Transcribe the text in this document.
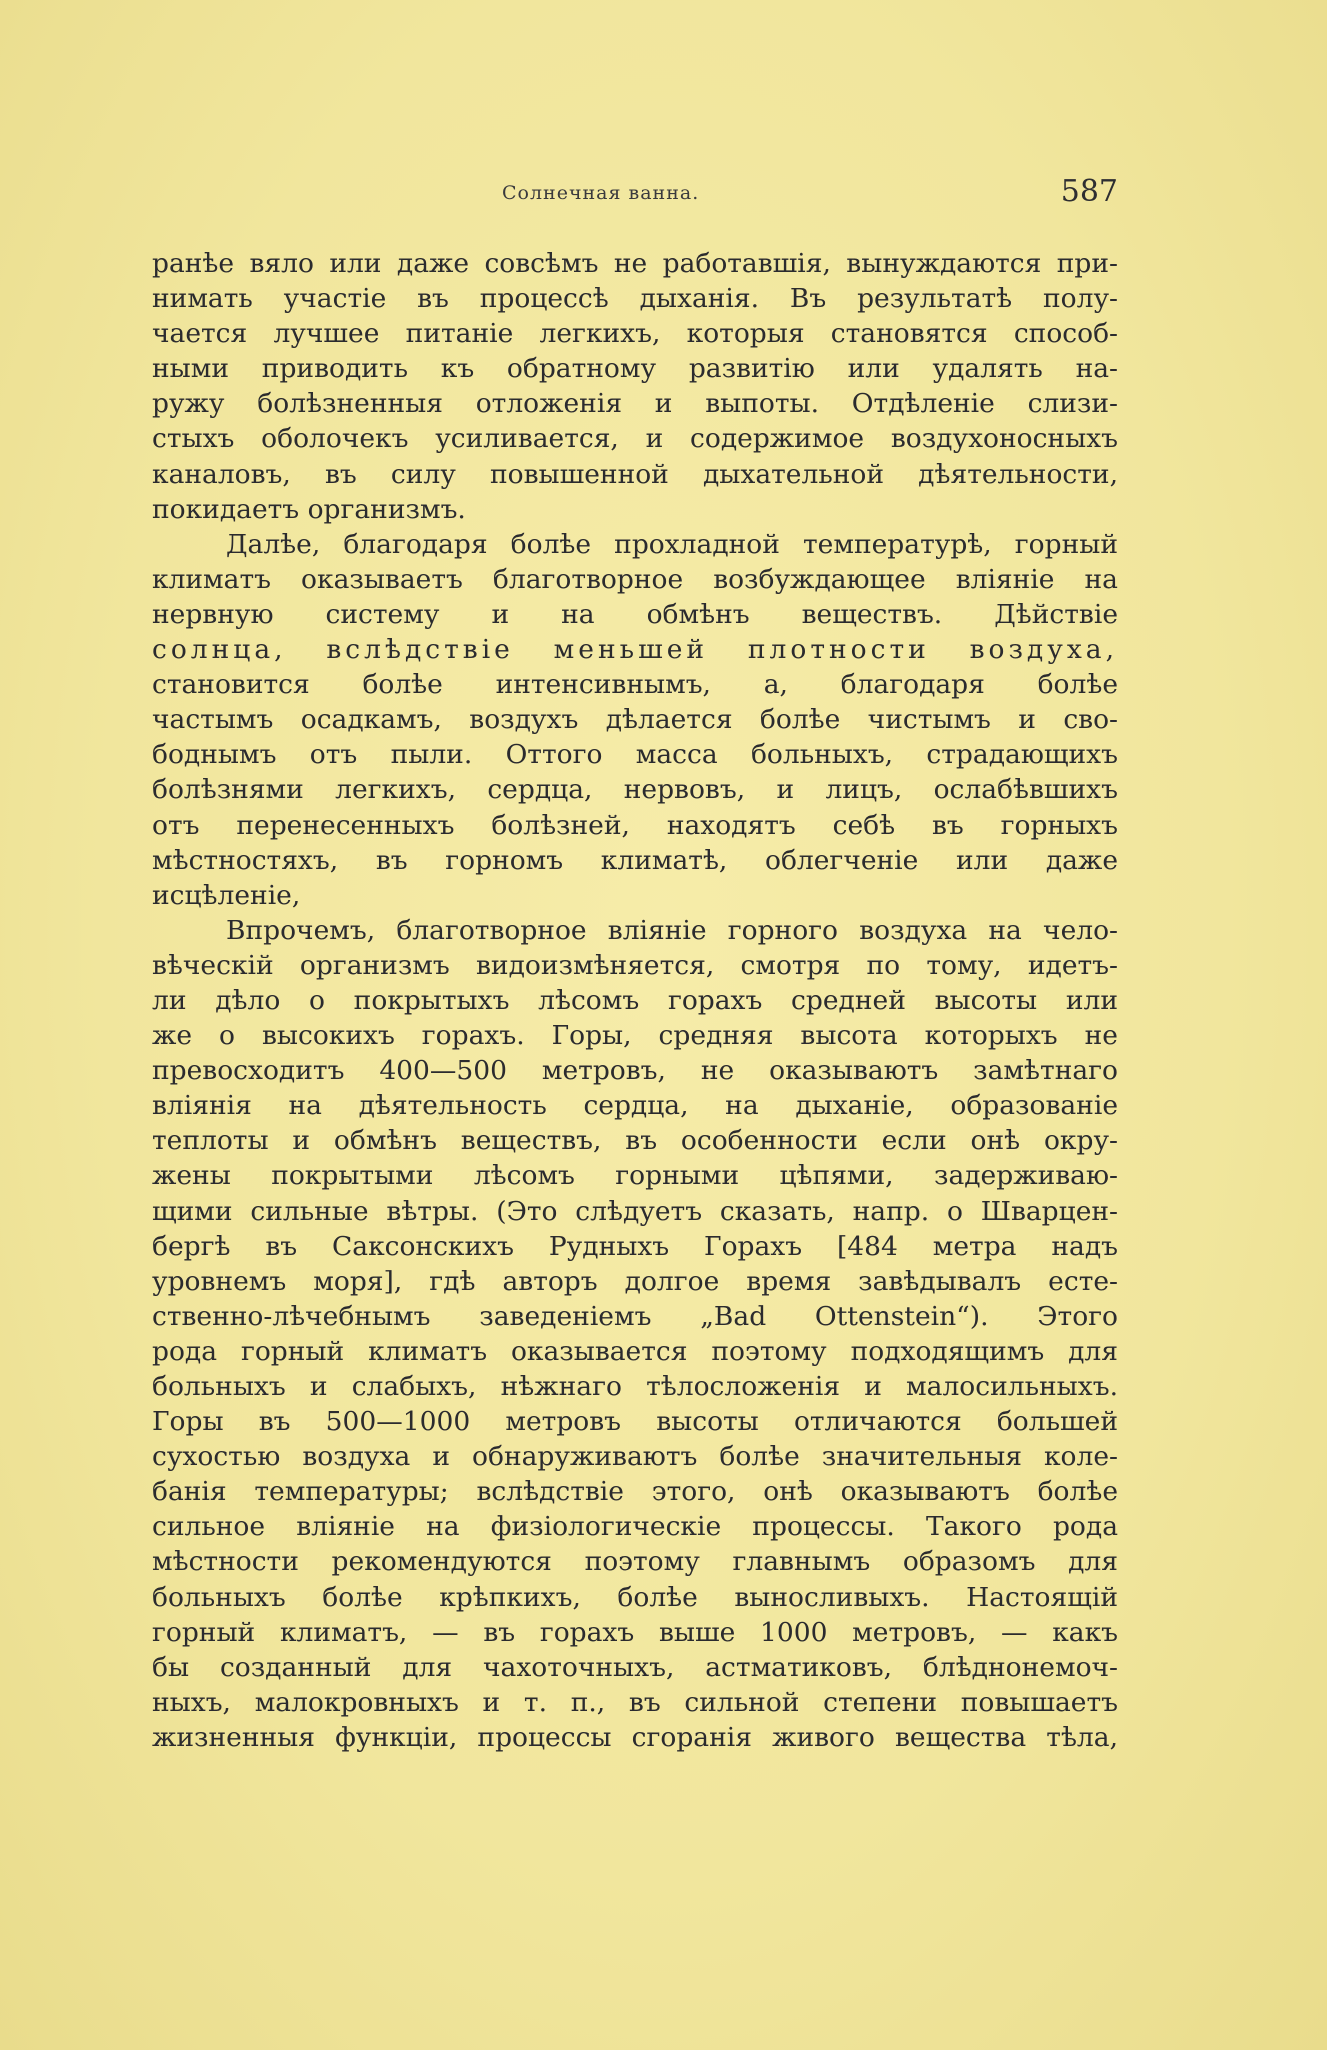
Солнечная ванна.	587
ранѣе вяло или даже совсѣмъ не работавшія, вынуждаются при-
нимать участіе въ процессѣ дыханія. Въ результатѣ полу-
чается лучшее питаніе легкихъ, которыя становятся способ-
ными приводить къ обратному развитію или удалять на-
ружу болѣзненныя отложенія и выпоты. Отдѣленіе слизи-
стыхъ оболочекъ усиливается, и содержимое воздухоносныхъ
каналовъ, въ силу повышенной дыхательной дѣятельности,
покидаетъ организмъ.
Далѣе, благодаря болѣе прохладной температурѣ, горный
климатъ оказываетъ благотворное возбуждающее вліяніе на
нервную систему и на обмѣнъ веществъ. Дѣйствіе
солнца, вслѣдствіе меньшей плотности воздуха,
становится болѣе интенсивнымъ, а, благодаря болѣе
частымъ осадкамъ, воздухъ дѣлается болѣе чистымъ и сво-
боднымъ отъ пыли. Оттого масса больныхъ, страдающихъ
болѣзнями легкихъ, сердца, нервовъ, и лицъ, ослабѣвшихъ
отъ перенесенныхъ болѣзней, находятъ себѣ въ горныхъ
мѣстностяхъ, въ горномъ климатѣ, облегченіе или даже
исцѣленіе,
Впрочемъ, благотворное вліяніе горного воздуха на чело-
вѣческій организмъ видоизмѣняется, смотря по тому, идетъ-
ли дѣло о покрытыхъ лѣсомъ горахъ средней высоты или
же о высокихъ горахъ. Горы, средняя высота которыхъ не
превосходитъ 400—500 метровъ, не оказываютъ замѣтнаго
вліянія на дѣятельность сердца, на дыханіе, образованіе
теплоты и обмѣнъ веществъ, въ особенности если онѣ окру-
жены покрытыми лѣсомъ горными цѣпями, задерживаю-
щими сильные вѣтры. (Это слѣдуетъ сказать, напр. о Шварцен-
бергѣ въ Саксонскихъ Рудныхъ Горахъ [484 метра надъ
уровнемъ моря], гдѣ авторъ долгое время завѣдывалъ есте-
ственно-лѣчебнымъ заведеніемъ „Bad Ottenstein“). Этого
рода горный климатъ оказывается поэтому подходящимъ для
больныхъ и слабыхъ, нѣжнаго тѣлосложенія и малосильныхъ.
Горы въ 500—1000 метровъ высоты отличаются большей
сухостью воздуха и обнаруживаютъ болѣе значительныя коле-
банія температуры; вслѣдствіе этого, онѣ оказываютъ болѣе
сильное вліяніе на физіологическіе процессы. Такого рода
мѣстности рекомендуются поэтому главнымъ образомъ для
больныхъ болѣе крѣпкихъ, болѣе выносливыхъ. Настоящій
горный климатъ, — въ горахъ выше 1000 метровъ, — какъ
бы созданный для чахоточныхъ, астматиковъ, блѣднонемоч-
ныхъ, малокровныхъ и т. п., въ сильной степени повышаетъ
жизненныя функціи, процессы сгоранія живого вещества тѣла,
